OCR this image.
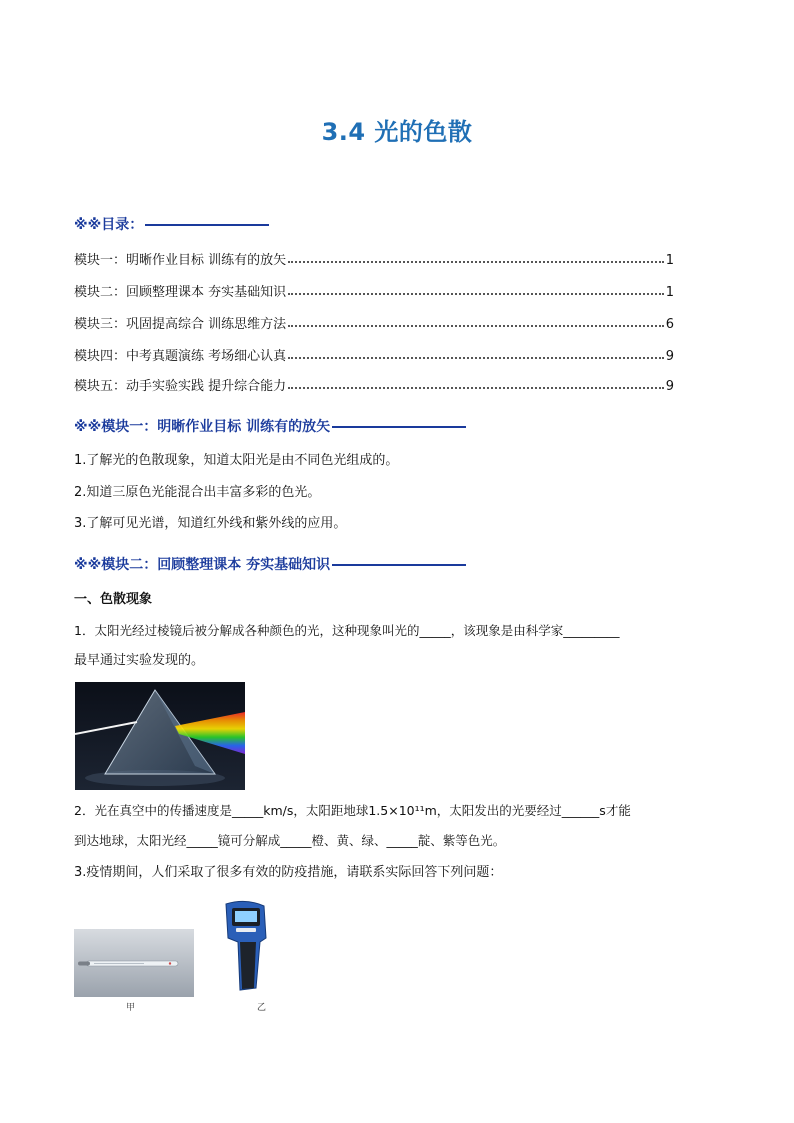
3.4 光的色散
※※目录：
模块一：明晰作业目标 训练有的放矢	1
模块二：回顾整理课本 夯实基础知识	1
模块三：巩固提高综合 训练思维方法	6
模块四：中考真题演练 考场细心认真	9
模块五：动手实验实践 提升综合能力	9
※※模块一：明晰作业目标 训练有的放矢
1.了解光的色散现象，知道太阳光是由不同色光组成的。
2.知道三原色光能混合出丰富多彩的色光。
3.了解可见光谱，知道红外线和紫外线的应用。
※※模块二：回顾整理课本 夯实基础知识
一、色散现象
1．太阳光经过棱镜后被分解成各种颜色的光，这种现象叫光的_____，该现象是由科学家_________
最早通过实验发现的。
2．光在真空中的传播速度是_____km/s，太阳距地球1.5×10¹¹m，太阳发出的光要经过______s才能
到达地球，太阳光经_____镜可分解成_____橙、黄、绿、_____靛、紫等色光。
3.疫情期间，人们采取了很多有效的防疫措施，请联系实际回答下列问题：
甲	乙
